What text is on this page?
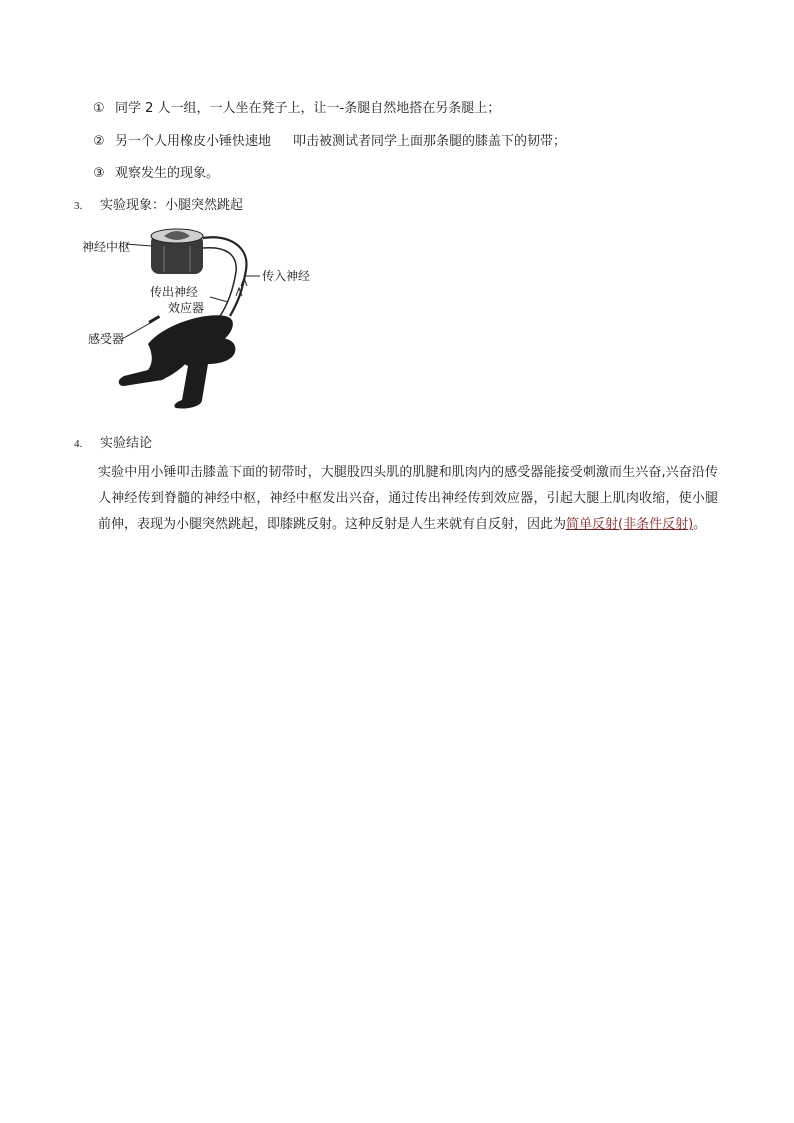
① 同学 2 人一组，一人坐在凳子上，让一-条腿自然地搭在另条腿上；
② 另一个人用橡皮小锤快速地 叩击被测试者同学上面那条腿的膝盖下的韧带；
③ 观察发生的现象。
3. 实验现象：小腿突然跳起
神经中枢
传入神经
传出神经
效应器
感受器
4. 实验结论
实验中用小锤叩击膝盖下面的韧带时，大腿股四头肌的肌腱和肌肉内的感受器能接受刺激而生兴奋,兴奋沿传人神经传到脊髓的神经中枢，神经中枢发出兴奋，通过传出神经传到效应器，引起大腿上肌肉收缩，使小腿前伸，表现为小腿突然跳起，即膝跳反射。这种反射是人生来就有自反射，因此为简单反射(非条件反射)。
